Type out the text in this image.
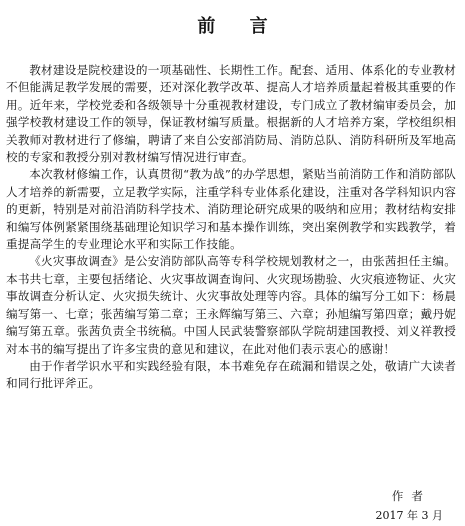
前 言

教材建设是院校建设的一项基础性、长期性工作。配套、适用、体系化的专业教材不但能满足教学发展的需要，还对深化教学改革、提高人才培养质量起着极其重要的作用。近年来，学校党委和各级领导十分重视教材建设，专门成立了教材编审委员会，加强学校教材建设工作的领导，保证教材编写质量。根据新的人才培养方案，学校组织相关教师对教材进行了修编，聘请了来自公安部消防局、消防总队、消防科研所及军地高校的专家和教授分别对教材编写情况进行审查。

本次教材修编工作，认真贯彻“教为战”的办学思想，紧贴当前消防工作和消防部队人才培养的新需要，立足教学实际，注重学科专业体系化建设，注重对各学科知识内容的更新，特别是对前沿消防科学技术、消防理论研究成果的吸纳和应用；教材结构安排和编写体例紧紧围绕基础理论知识学习和基本操作训练，突出案例教学和实践教学，着重提高学生的专业理论水平和实际工作技能。

《火灾事故调查》是公安消防部队高等专科学校规划教材之一，由张茜担任主编。本书共七章，主要包括绪论、火灾事故调查询问、火灾现场勘验、火灾痕迹物证、火灾事故调查分析认定、火灾损失统计、火灾事故处理等内容。具体的编写分工如下：杨晨编写第一、七章；张茜编写第二章；王永辉编写第三、六章；孙旭编写第四章；戴丹妮编写第五章。张茜负责全书统稿。中国人民武装警察部队学院胡建国教授、刘义祥教授对本书的编写提出了许多宝贵的意见和建议，在此对他们表示衷心的感谢！

由于作者学识水平和实践经验有限，本书难免存在疏漏和错误之处，敬请广大读者和同行批评斧正。

作者
2017 年 3 月
